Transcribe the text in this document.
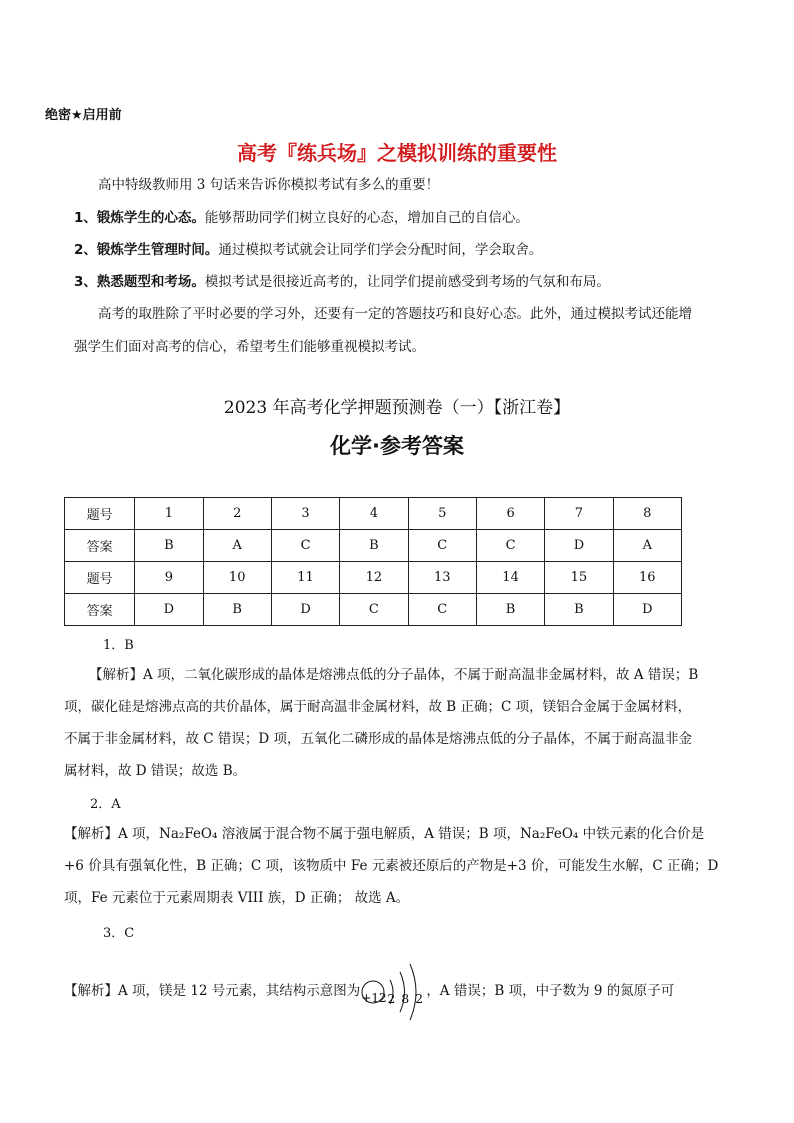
绝密★启用前
高考『练兵场』之模拟训练的重要性
高中特级教师用 3 句话来告诉你模拟考试有多么的重要！
1、锻炼学生的心态。能够帮助同学们树立良好的心态，增加自己的自信心。
2、锻炼学生管理时间。通过模拟考试就会让同学们学会分配时间，学会取舍。
3、熟悉题型和考场。模拟考试是很接近高考的，让同学们提前感受到考场的气氛和布局。
高考的取胜除了平时必要的学习外，还要有一定的答题技巧和良好心态。此外，通过模拟考试还能增
强学生们面对高考的信心，希望考生们能够重视模拟考试。
2023 年高考化学押题预测卷（一）【浙江卷】
化学·参考答案
题号	1	2	3	4	5	6	7	8
答案	B	A	C	B	C	C	D	A
题号	9	10	11	12	13	14	15	16
答案	D	B	D	C	C	B	B	D
1．B
【解析】A 项，二氧化碳形成的晶体是熔沸点低的分子晶体，不属于耐高温非金属材料，故 A 错误；B
项，碳化硅是熔沸点高的共价晶体，属于耐高温非金属材料，故 B 正确；C 项，镁铝合金属于金属材料，
不属于非金属材料，故 C 错误；D 项，五氧化二磷形成的晶体是熔沸点低的分子晶体，不属于耐高温非金
属材料，故 D 错误；故选 B。
2．A
【解析】A 项，Na₂FeO₄ 溶液属于混合物不属于强电解质，A 错误；B 项，Na₂FeO₄ 中铁元素的化合价是
+6 价具有强氧化性，B 正确；C 项，该物质中 Fe 元素被还原后的产物是+3 价，可能发生水解，C 正确；D
项，Fe 元素位于元素周期表 VIII 族，D 正确； 故选 A。
3．C
【解析】A 项，镁是 12 号元素，其结构示意图为 +12 2 8 2 ，A 错误；B 项，中子数为 9 的氮原子可
